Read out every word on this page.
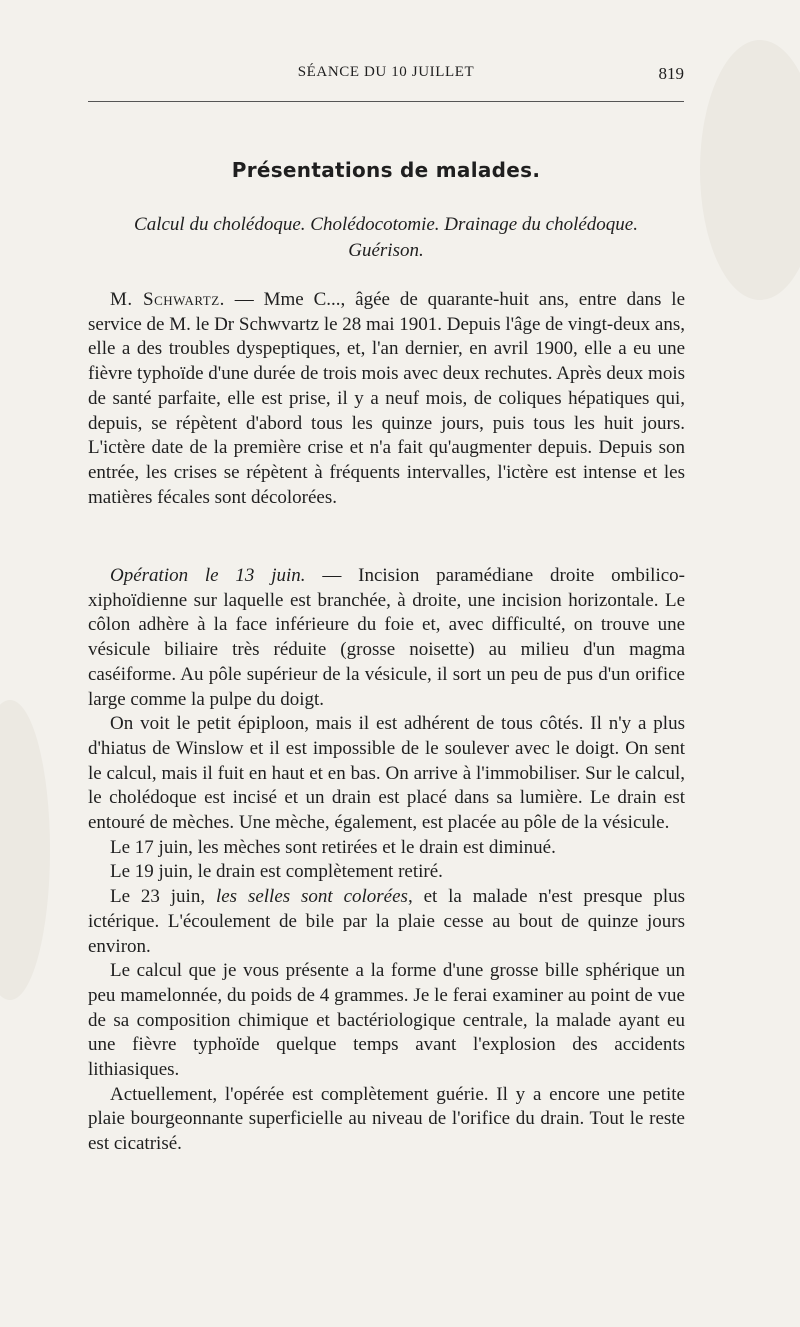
SÉANCE DU 10 JUILLET	819
Présentations de malades.
Calcul du cholédoque. Cholédocotomie. Drainage du cholédoque.
Guérison.

M. Schwartz. — Mme C..., âgée de quarante-huit ans, entre dans le service de M. le Dr Schwvartz le 28 mai 1901. Depuis l'âge de vingt-deux ans, elle a des troubles dyspeptiques, et, l'an dernier, en avril 1900, elle a eu une fièvre typhoïde d'une durée de trois mois avec deux rechutes. Après deux mois de santé parfaite, elle est prise, il y a neuf mois, de coliques hépatiques qui, depuis, se répètent d'abord tous les quinze jours, puis tous les huit jours. L'ictère date de la première crise et n'a fait qu'augmenter depuis. Depuis son entrée, les crises se répètent à fréquents intervalles, l'ictère est intense et les matières fécales sont décolorées.

Opération le 13 juin. — Incision paramédiane droite ombilico-xiphoïdienne sur laquelle est branchée, à droite, une incision horizontale. Le côlon adhère à la face inférieure du foie et, avec difficulté, on trouve une vésicule biliaire très réduite (grosse noisette) au milieu d'un magma caséiforme. Au pôle supérieur de la vésicule, il sort un peu de pus d'un orifice large comme la pulpe du doigt.

On voit le petit épiploon, mais il est adhérent de tous côtés. Il n'y a plus d'hiatus de Winslow et il est impossible de le soulever avec le doigt. On sent le calcul, mais il fuit en haut et en bas. On arrive à l'immobiliser. Sur le calcul, le cholédoque est incisé et un drain est placé dans sa lumière. Le drain est entouré de mèches. Une mèche, également, est placée au pôle de la vésicule.

Le 17 juin, les mèches sont retirées et le drain est diminué.

Le 19 juin, le drain est complètement retiré.

Le 23 juin, les selles sont colorées, et la malade n'est presque plus ictérique. L'écoulement de bile par la plaie cesse au bout de quinze jours environ.

Le calcul que je vous présente a la forme d'une grosse bille sphérique un peu mamelonnée, du poids de 4 grammes. Je le ferai examiner au point de vue de sa composition chimique et bactériologique centrale, la malade ayant eu une fièvre typhoïde quelque temps avant l'explosion des accidents lithiasiques.

Actuellement, l'opérée est complètement guérie. Il y a encore une petite plaie bourgeonnante superficielle au niveau de l'orifice du drain. Tout le reste est cicatrisé.
